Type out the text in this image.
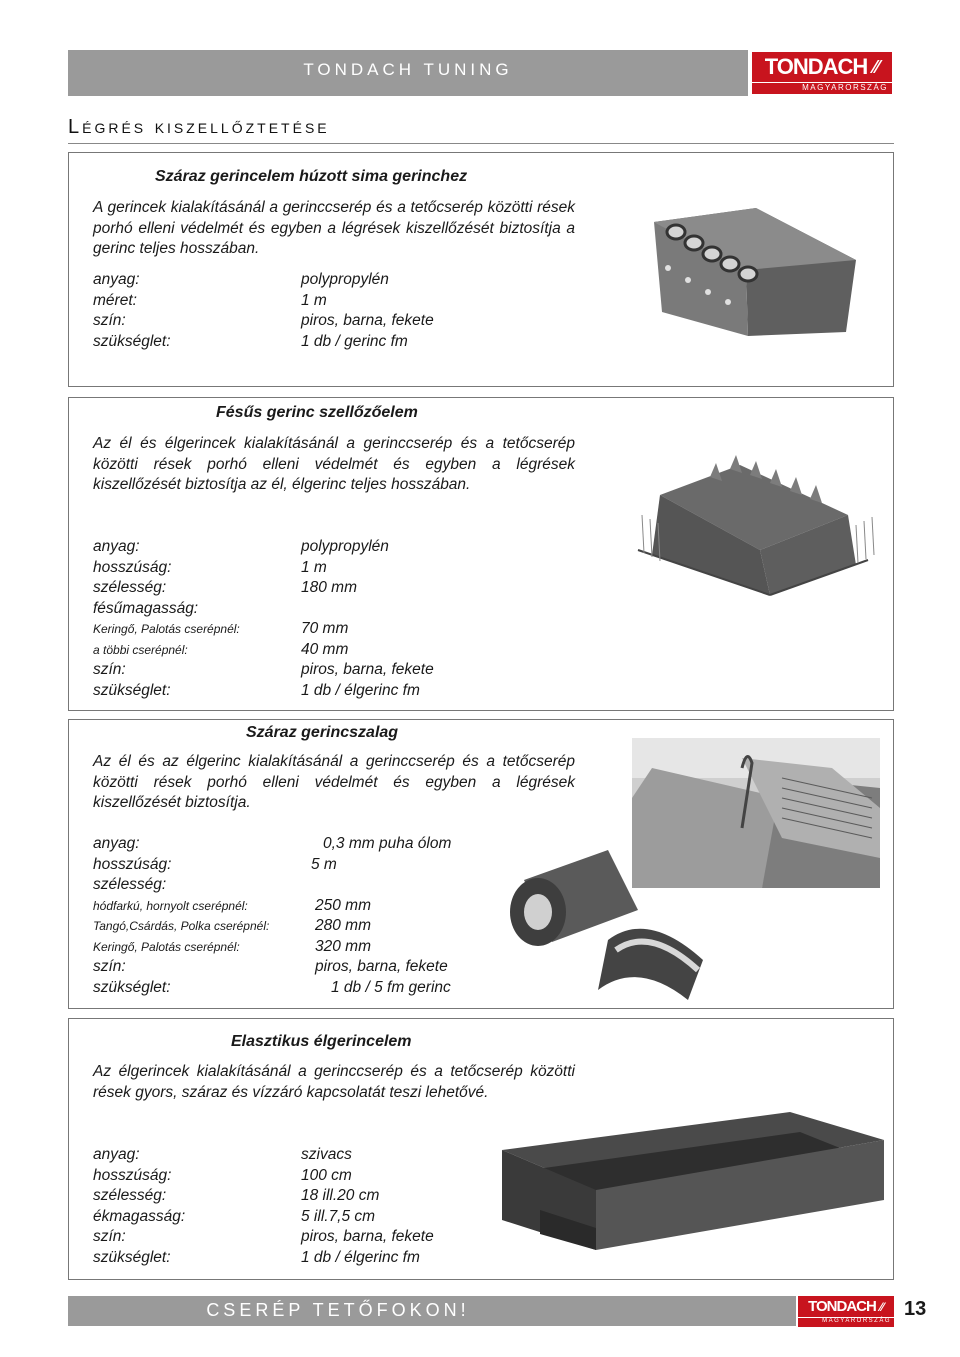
TONDACH TUNING	TONDACH ⁄⁄
MAGYARORSZÁG
Légrés kiszellőztetése
Száraz gerincelem húzott sima gerinchez
A gerincek kialakításánál a gerinccserép és a tetőcserép közötti rések porhó elleni védelmét és egyben a légrések kiszellőzését biztosítja a gerinc teljes hosszában.
anyag:	polypropylén
méret:	1 m
szín:	piros, barna, fekete
szükséglet:	1 db / gerinc fm
Fésűs gerinc szellőzőelem
Az él és élgerincek kialakításánál a gerinccserép és a tetőcserép közötti rések porhó elleni védelmét és egyben a légrések kiszellőzését biztosítja az él, élgerinc teljes hosszában.
anyag:	polypropylén
hosszúság:	1 m
szélesség:	180 mm
fésűmagasság:
Keringő, Palotás cserépnél:	70 mm
a többi cserépnél:	40 mm
szín:	piros, barna, fekete
szükséglet:	1 db / élgerinc fm
Száraz gerincszalag
Az él és az élgerinc kialakításánál a gerinccserép és a tetőcserép közötti rések porhó elleni védelmét és egyben a légrések kiszellőzését biztosítja.
anyag:	0,3 mm puha ólom
hosszúság:	5 m
szélesség:
hódfarkú, hornyolt cserépnél:	250 mm
Tangó,Csárdás, Polka cserépnél:	280 mm
Keringő, Palotás cserépnél:	320 mm
szín:	piros, barna, fekete
szükséglet:	1 db / 5 fm gerinc
Elasztikus élgerincelem
Az élgerincek kialakításánál a gerinccserép és a tetőcserép közötti rések gyors, száraz és vízzáró kapcsolatát teszi lehetővé.
anyag:	szivacs
hosszúság:	100 cm
szélesség:	18 ill.20 cm
ékmagasság:	5 ill.7,5 cm
szín:	piros, barna, fekete
szükséglet:	1 db / élgerinc fm
CSERÉP TETŐFOKON!	TONDACH ⁄⁄
MAGYARORSZÁG
13
